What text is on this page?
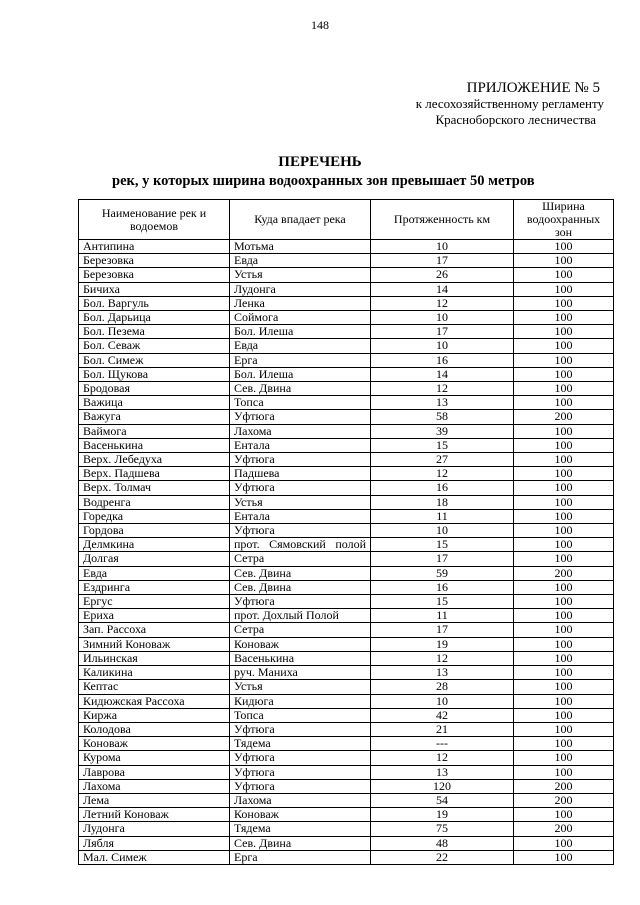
148
ПРИЛОЖЕНИЕ № 5
к лесохозяйственному регламенту
Красноборского лесничества
ПЕРЕЧЕНЬ
рек, у которых ширина водоохранных зон превышает 50 метров
Наименование рек и водоемов	Куда впадает река	Протяженность км	Ширина водоохранных зон
Антипина	Мотьма	10	100
Березовка	Евда	17	100
Березовка	Устья	26	100
Бичиха	Лудонга	14	100
Бол. Варгуль	Ленка	12	100
Бол. Дарьица	Соймога	10	100
Бол. Пезема	Бол. Илеша	17	100
Бол. Севаж	Евда	10	100
Бол. Симеж	Ерга	16	100
Бол. Щукова	Бол. Илеша	14	100
Бродовая	Сев. Двина	12	100
Важица	Топса	13	100
Важуга	Уфтюга	58	200
Ваймога	Лахома	39	100
Васенькина	Ентала	15	100
Верх. Лебедуха	Уфтюга	27	100
Верх. Падшева	Падшева	12	100
Верх. Толмач	Уфтюга	16	100
Водренга	Устья	18	100
Горедка	Ентала	11	100
Гордова	Уфтюга	10	100
Делмкина	прот. Сямовский полой	15	100
Долгая	Сетра	17	100
Евда	Сев. Двина	59	200
Ездринга	Сев. Двина	16	100
Ергус	Уфтюга	15	100
Ериха	прот. Дохлый Полой	11	100
Зап. Рассоха	Сетра	17	100
Зимний Коноваж	Коноваж	19	100
Ильинская	Васенькина	12	100
Каликина	руч. Маниха	13	100
Кептас	Устья	28	100
Кидюжская Рассоха	Кидюга	10	100
Киржа	Топса	42	100
Колодова	Уфтюга	21	100
Коноваж	Тядема	---	100
Курома	Уфтюга	12	100
Лаврова	Уфтюга	13	100
Лахома	Уфтюга	120	200
Лема	Лахома	54	200
Летний Коноваж	Коноваж	19	100
Лудонга	Тядема	75	200
Лябля	Сев. Двина	48	100
Мал. Симеж	Ерга	22	100
